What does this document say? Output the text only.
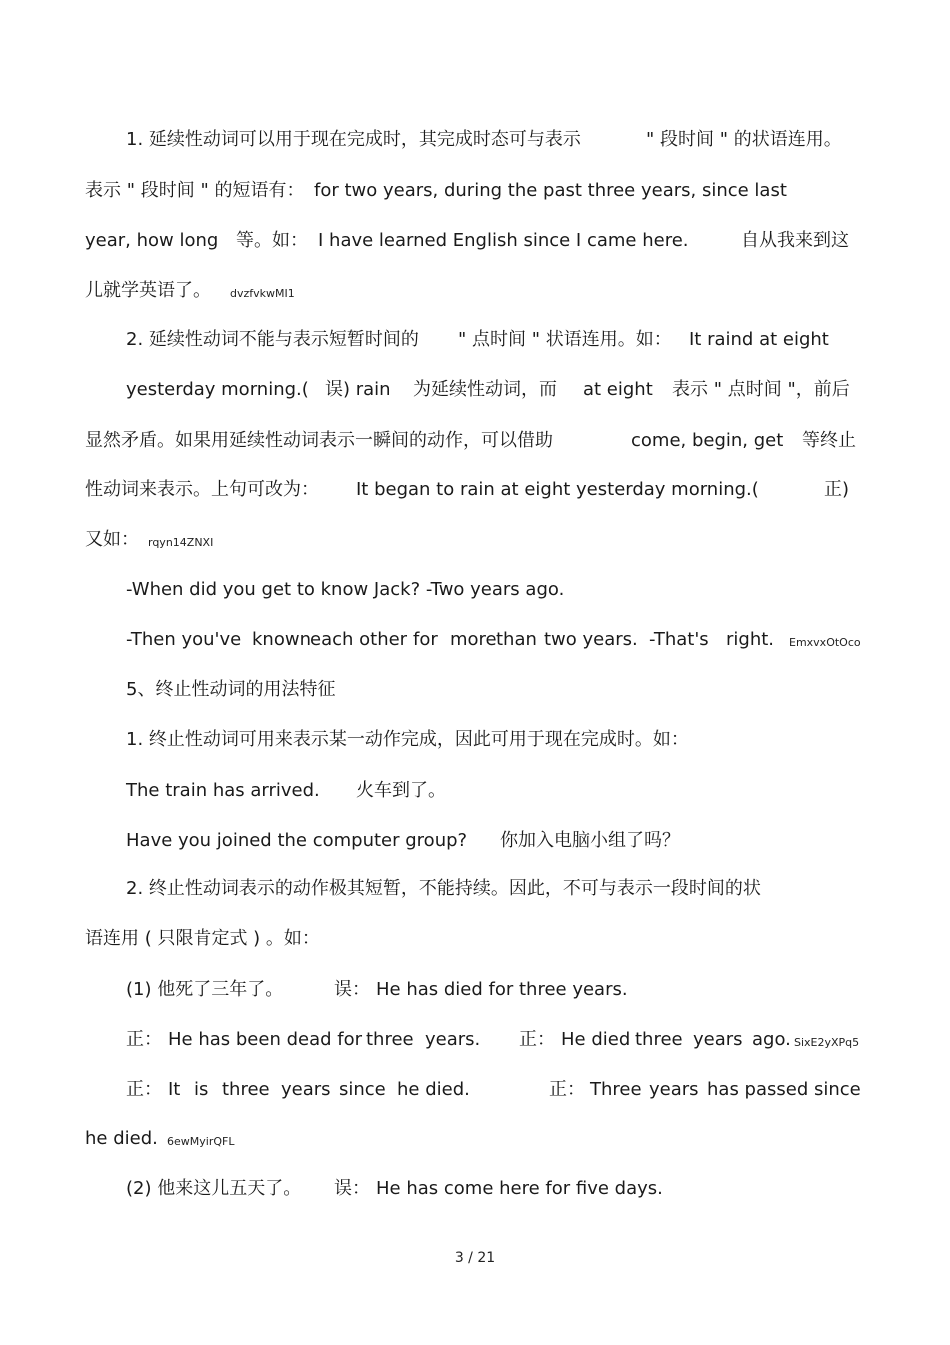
1. 延续性动词可以用于现在完成时，其完成时态可与表示	" 段时间 " 的状语连用。
表示 " 段时间 " 的短语有： for two years, during the past three years, since last
year, how long 等。如： I have learned English since I came here.	自从我来到这
儿就学英语了。 dvzfvkwMI1
2. 延续性动词不能与表示短暂时间的 " 点时间 " 状语连用。如： It raind at eight
yesterday morning.( 误) rain 为延续性动词，而 at eight 表示 " 点时间 "，前后
显然矛盾。如果用延续性动词表示一瞬间的动作，可以借助	come, begin, get 等终止
性动词来表示。上句可改为： It began to rain at eight yesterday morning.(	正)
又如： rqyn14ZNXI
-When did you get to know Jack? -Two years ago.
-Then you've known each other for more than two years. -That's right. EmxvxOtOco
5、终止性动词的用法特征
1. 终止性动词可用来表示某一动作完成，因此可用于现在完成时。如：
The train has arrived. 火车到了。
Have you joined the computer group? 你加入电脑小组了吗？
2. 终止性动词表示的动作极其短暂，不能持续。因此，不可与表示一段时间的状
语连用 ( 只限肯定式 ) 。如：
(1) 他死了三年了。	误： He has died for three years.
正： He has been dead for three years. 正： He died three years ago. SixE2yXPq5
正： It is three years since he died.	正： Three years has passed since
he died. 6ewMyirQFL
(2) 他来这儿五天了。 误： He has come here for five days.
3 / 21
